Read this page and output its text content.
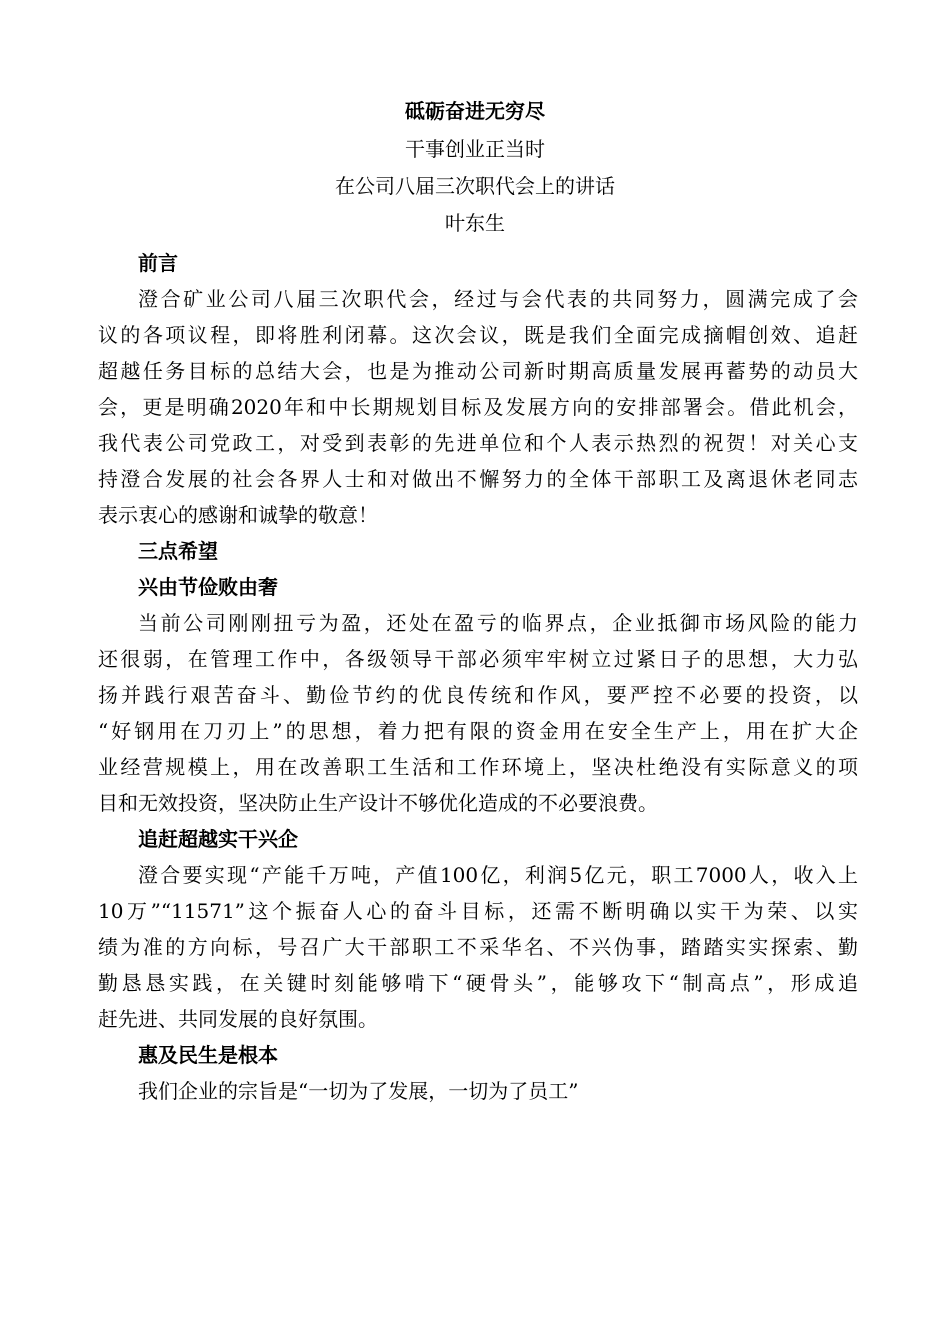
砥砺奋进无穷尽
干事创业正当时
在公司八届三次职代会上的讲话
叶东生
前言
澄合矿业公司八届三次职代会，经过与会代表的共同努力，圆满完成了会
议的各项议程，即将胜利闭幕。这次会议，既是我们全面完成摘帽创效、追赶
超越任务目标的总结大会，也是为推动公司新时期高质量发展再蓄势的动员大
会，更是明确2020年和中长期规划目标及发展方向的安排部署会。借此机会，
我代表公司党政工，对受到表彰的先进单位和个人表示热烈的祝贺！对关心支
持澄合发展的社会各界人士和对做出不懈努力的全体干部职工及离退休老同志
表示衷心的感谢和诚挚的敬意！
三点希望
兴由节俭败由奢
当前公司刚刚扭亏为盈，还处在盈亏的临界点，企业抵御市场风险的能力
还很弱，在管理工作中，各级领导干部必须牢牢树立过紧日子的思想，大力弘
扬并践行艰苦奋斗、勤俭节约的优良传统和作风，要严控不必要的投资，以
“好钢用在刀刃上”的思想，着力把有限的资金用在安全生产上，用在扩大企
业经营规模上，用在改善职工生活和工作环境上，坚决杜绝没有实际意义的项
目和无效投资，坚决防止生产设计不够优化造成的不必要浪费。
追赶超越实干兴企
澄合要实现“产能千万吨，产值100亿，利润5亿元，职工7000人，收入上
10万”“11571”这个振奋人心的奋斗目标，还需不断明确以实干为荣、以实
绩为准的方向标，号召广大干部职工不采华名、不兴伪事，踏踏实实探索、勤
勤恳恳实践，在关键时刻能够啃下“硬骨头”，能够攻下“制高点”，形成追
赶先进、共同发展的良好氛围。
惠及民生是根本
我们企业的宗旨是“一切为了发展，一切为了员工”
